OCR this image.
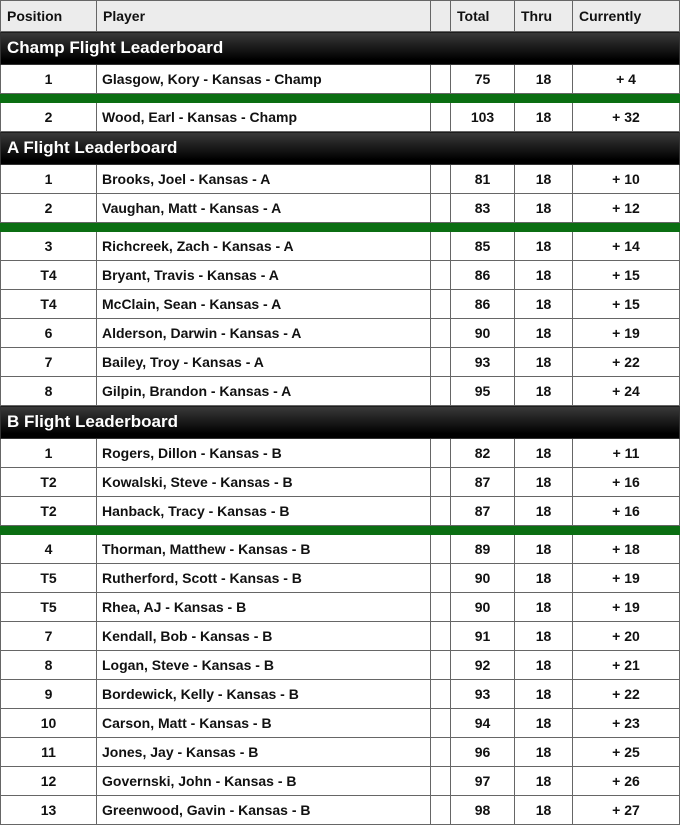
Position	Player		Total	Thru	Currently
Champ Flight Leaderboard					
1	Glasgow, Kory - Kansas - Champ		75	18	+ 4

2	Wood, Earl - Kansas - Champ		103	18	+ 32
A Flight Leaderboard					
1	Brooks, Joel - Kansas - A		81	18	+ 10
2	Vaughan, Matt - Kansas - A		83	18	+ 12

3	Richcreek, Zach - Kansas - A		85	18	+ 14
T4	Bryant, Travis - Kansas - A		86	18	+ 15
T4	McClain, Sean - Kansas - A		86	18	+ 15
6	Alderson, Darwin - Kansas - A		90	18	+ 19
7	Bailey, Troy - Kansas - A		93	18	+ 22
8	Gilpin, Brandon - Kansas - A		95	18	+ 24
B Flight Leaderboard					
1	Rogers, Dillon - Kansas - B		82	18	+ 11
T2	Kowalski, Steve - Kansas - B		87	18	+ 16
T2	Hanback, Tracy - Kansas - B		87	18	+ 16

4	Thorman, Matthew - Kansas - B		89	18	+ 18
T5	Rutherford, Scott - Kansas - B		90	18	+ 19
T5	Rhea, AJ - Kansas - B		90	18	+ 19
7	Kendall, Bob - Kansas - B		91	18	+ 20
8	Logan, Steve - Kansas - B		92	18	+ 21
9	Bordewick, Kelly - Kansas - B		93	18	+ 22
10	Carson, Matt - Kansas - B		94	18	+ 23
11	Jones, Jay - Kansas - B		96	18	+ 25
12	Governski, John - Kansas - B		97	18	+ 26
13	Greenwood, Gavin - Kansas - B		98	18	+ 27
